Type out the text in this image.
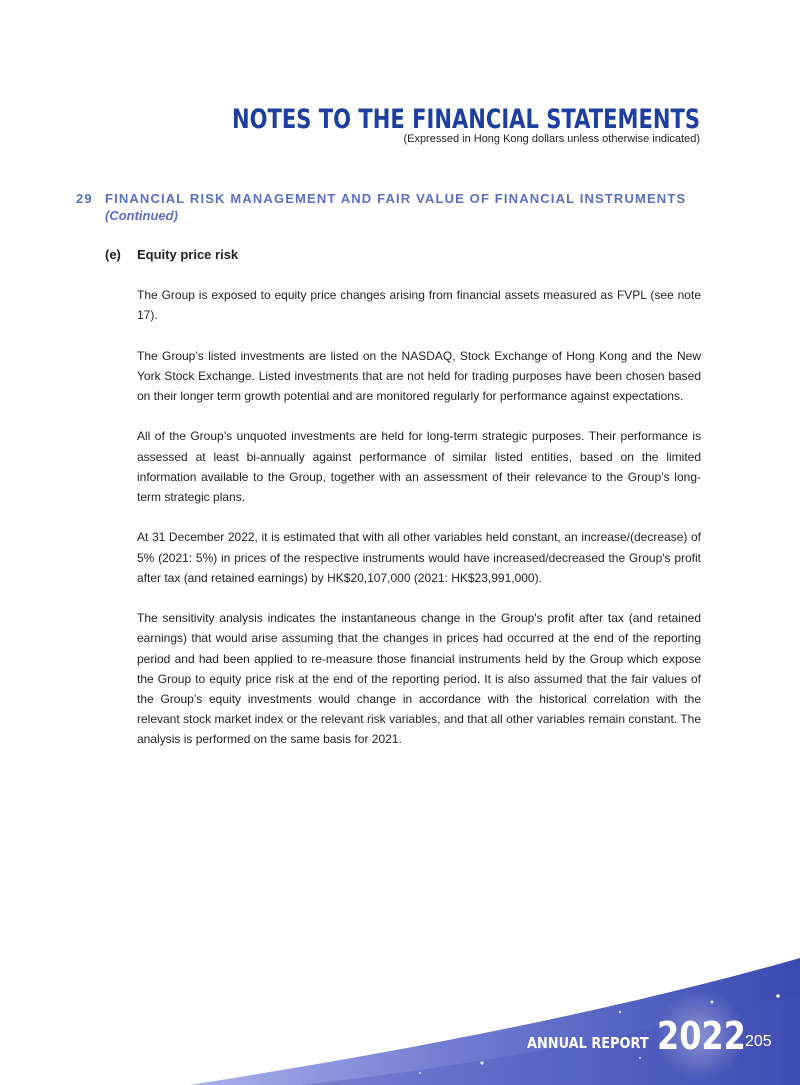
NOTES TO THE FINANCIAL STATEMENTS
(Expressed in Hong Kong dollars unless otherwise indicated)
29 FINANCIAL RISK MANAGEMENT AND FAIR VALUE OF FINANCIAL INSTRUMENTS
(Continued)
(e) Equity price risk

The Group is exposed to equity price changes arising from financial assets measured as FVPL (see note 17).

The Group’s listed investments are listed on the NASDAQ, Stock Exchange of Hong Kong and the New York Stock Exchange. Listed investments that are not held for trading purposes have been chosen based on their longer term growth potential and are monitored regularly for performance against expectations.

All of the Group’s unquoted investments are held for long-term strategic purposes. Their performance is assessed at least bi-annually against performance of similar listed entities, based on the limited information available to the Group, together with an assessment of their relevance to the Group’s long-term strategic plans.

At 31 December 2022, it is estimated that with all other variables held constant, an increase/(decrease) of 5% (2021: 5%) in prices of the respective instruments would have increased/decreased the Group's profit after tax (and retained earnings) by HK$20,107,000 (2021: HK$23,991,000).

The sensitivity analysis indicates the instantaneous change in the Group's profit after tax (and retained earnings) that would arise assuming that the changes in prices had occurred at the end of the reporting period and had been applied to re-measure those financial instruments held by the Group which expose the Group to equity price risk at the end of the reporting period. It is also assumed that the fair values of the Group’s equity investments would change in accordance with the historical correlation with the relevant stock market index or the relevant risk variables, and that all other variables remain constant. The analysis is performed on the same basis for 2021.

ANNUAL REPORT 2022 205
